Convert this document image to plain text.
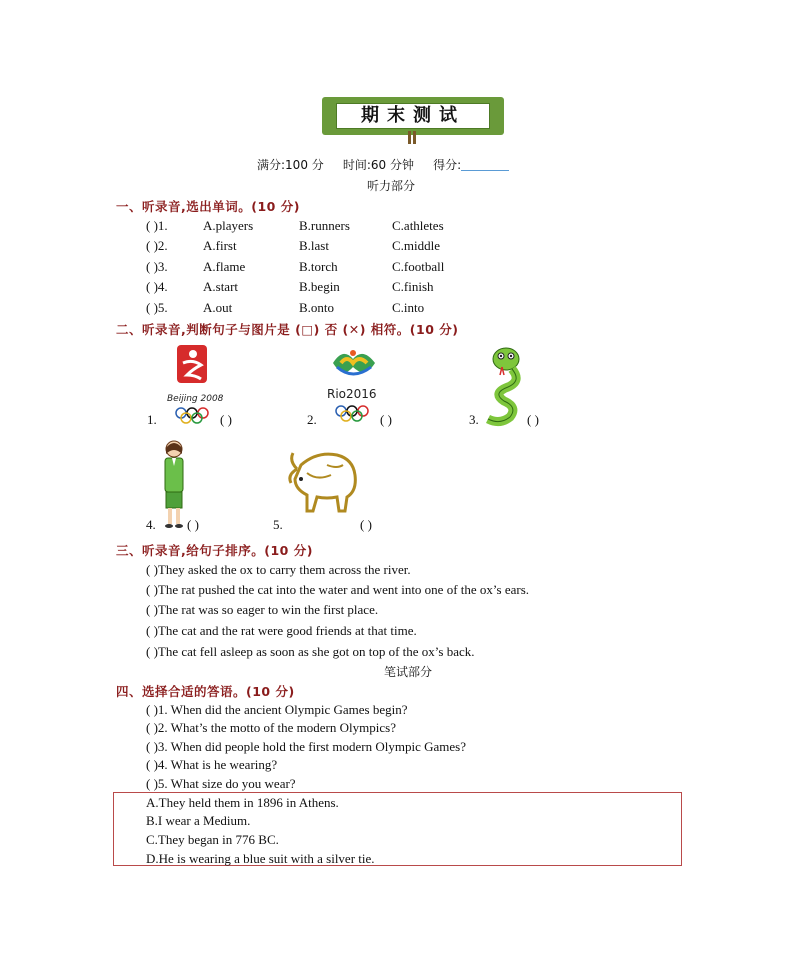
期末测试
满分:100 分 时间:60 分钟 得分:
听力部分
一、听录音,选出单词。(10 分)
( )1.	A.players	B.runners	C.athletes
( )2.	A.first	B.last	C.middle
( )3.	A.flame	B.torch	C.football
( )4.	A.start	B.begin	C.finish
( )5.	A.out	B.onto	C.into
二、听录音,判断句子与图片是 (□) 否 (✕) 相符。(10 分)
Beijing 2008
1.	( )
Rio2016
2.	( )	3.	( )
4. ( )	5.	( )
三、听录音,给句子排序。(10 分)
( )They asked the ox to carry them across the river.
( )The rat pushed the cat into the water and went into one of the ox’s ears.
( )The rat was so eager to win the first place.
( )The cat and the rat were good friends at that time.
( )The cat fell asleep as soon as she got on top of the ox’s back.
笔试部分
四、选择合适的答语。(10 分)
( )1. When did the ancient Olympic Games begin?
( )2. What’s the motto of the modern Olympics?
( )3. When did people hold the first modern Olympic Games?
( )4. What is he wearing?
( )5. What size do you wear?
A.They held them in 1896 in Athens.
B.I wear a Medium.
C.They began in 776 BC.
D.He is wearing a blue suit with a silver tie.
